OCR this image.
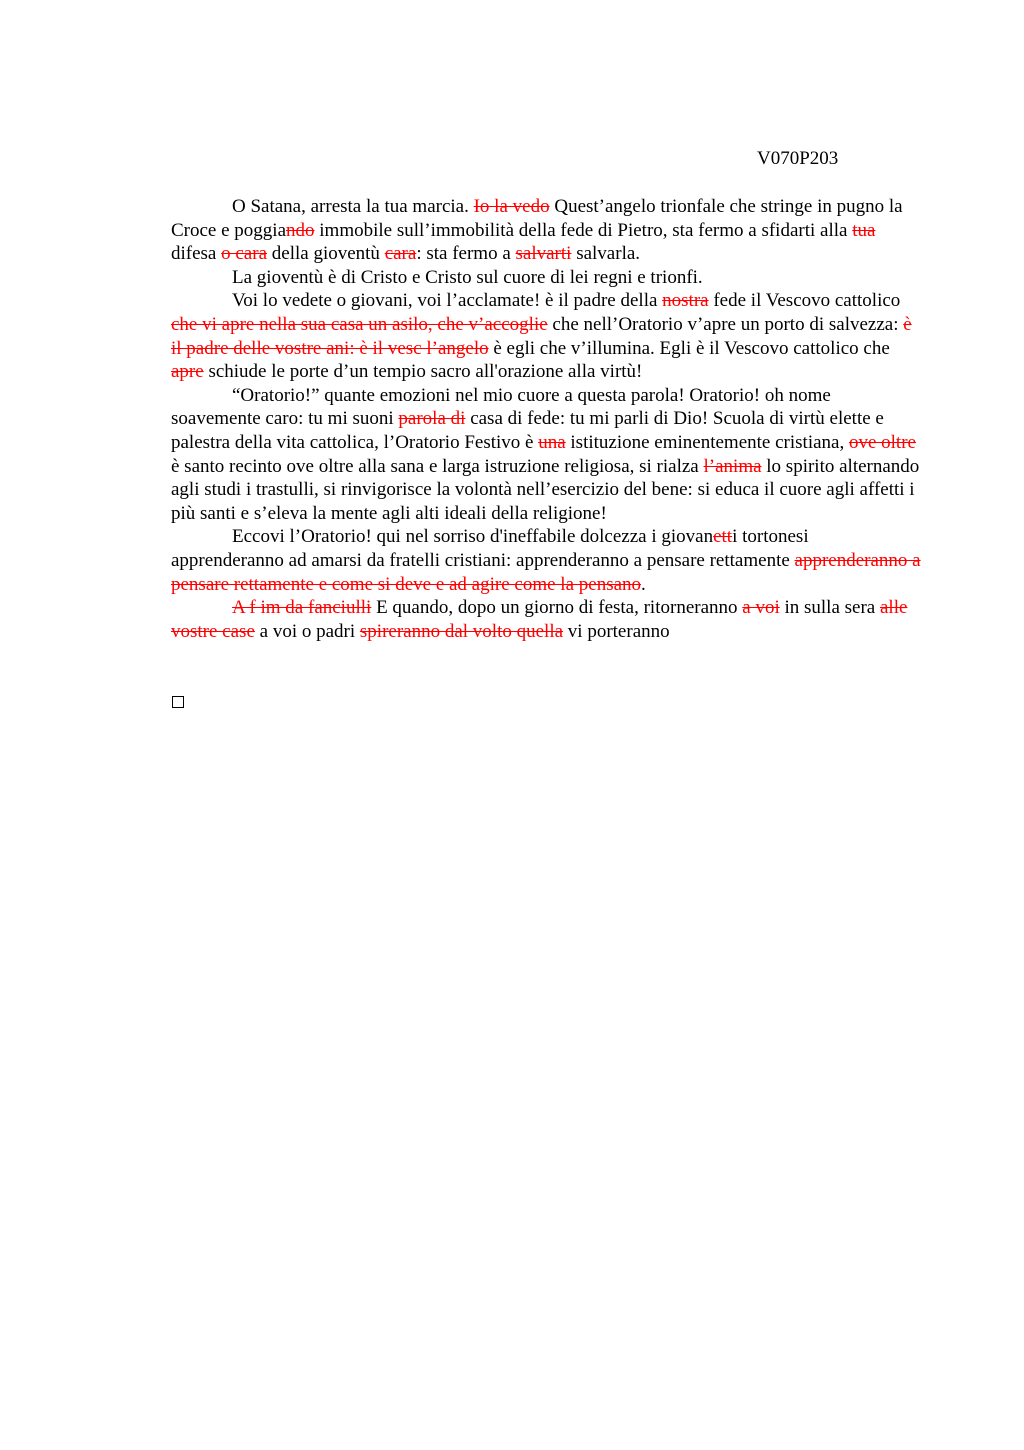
V070P203

O Satana, arresta la tua marcia. Io la vedo Quest’angelo trionfale che stringe in pugno la Croce e poggiando immobile sull’immobilità della fede di Pietro, sta fermo a sfidarti alla tua difesa o cara della gioventù cara: sta fermo a salvarti salvarla.

La gioventù è di Cristo e Cristo sul cuore di lei regni e trionfi.

Voi lo vedete o giovani, voi l’acclamate! è il padre della nostra fede il Vescovo cattolico che vi apre nella sua casa un asilo, che v’accoglie che nell’Oratorio v’apre un porto di salvezza: è il padre delle vostre ani: è il vesc l’angelo è egli che v’illumina. Egli è il Vescovo cattolico che apre schiude le porte d’un tempio sacro all'orazione alla virtù!

“Oratorio!” quante emozioni nel mio cuore a questa parola! Oratorio! oh nome soavemente caro: tu mi suoni parola di casa di fede: tu mi parli di Dio! Scuola di virtù elette e palestra della vita cattolica, l’Oratorio Festivo è una istituzione eminentemente cristiana, ove oltre è santo recinto ove oltre alla sana e larga istruzione religiosa, si rialza l’anima lo spirito alternando agli studi i trastulli, si rinvigorisce la volontà nell’esercizio del bene: si educa il cuore agli affetti i più santi e s’eleva la mente agli alti ideali della religione!

Eccovi l’Oratorio! qui nel sorriso d'ineffabile dolcezza i giovanetti tortonesi apprenderanno ad amarsi da fratelli cristiani: apprenderanno a pensare rettamente apprenderanno a pensare rettamente e come si deve e ad agire come la pensano.

A f im da fanciulli E quando, dopo un giorno di festa, ritorneranno a voi in sulla sera alle vostre case a voi o padri spireranno dal volto quella vi porteranno
